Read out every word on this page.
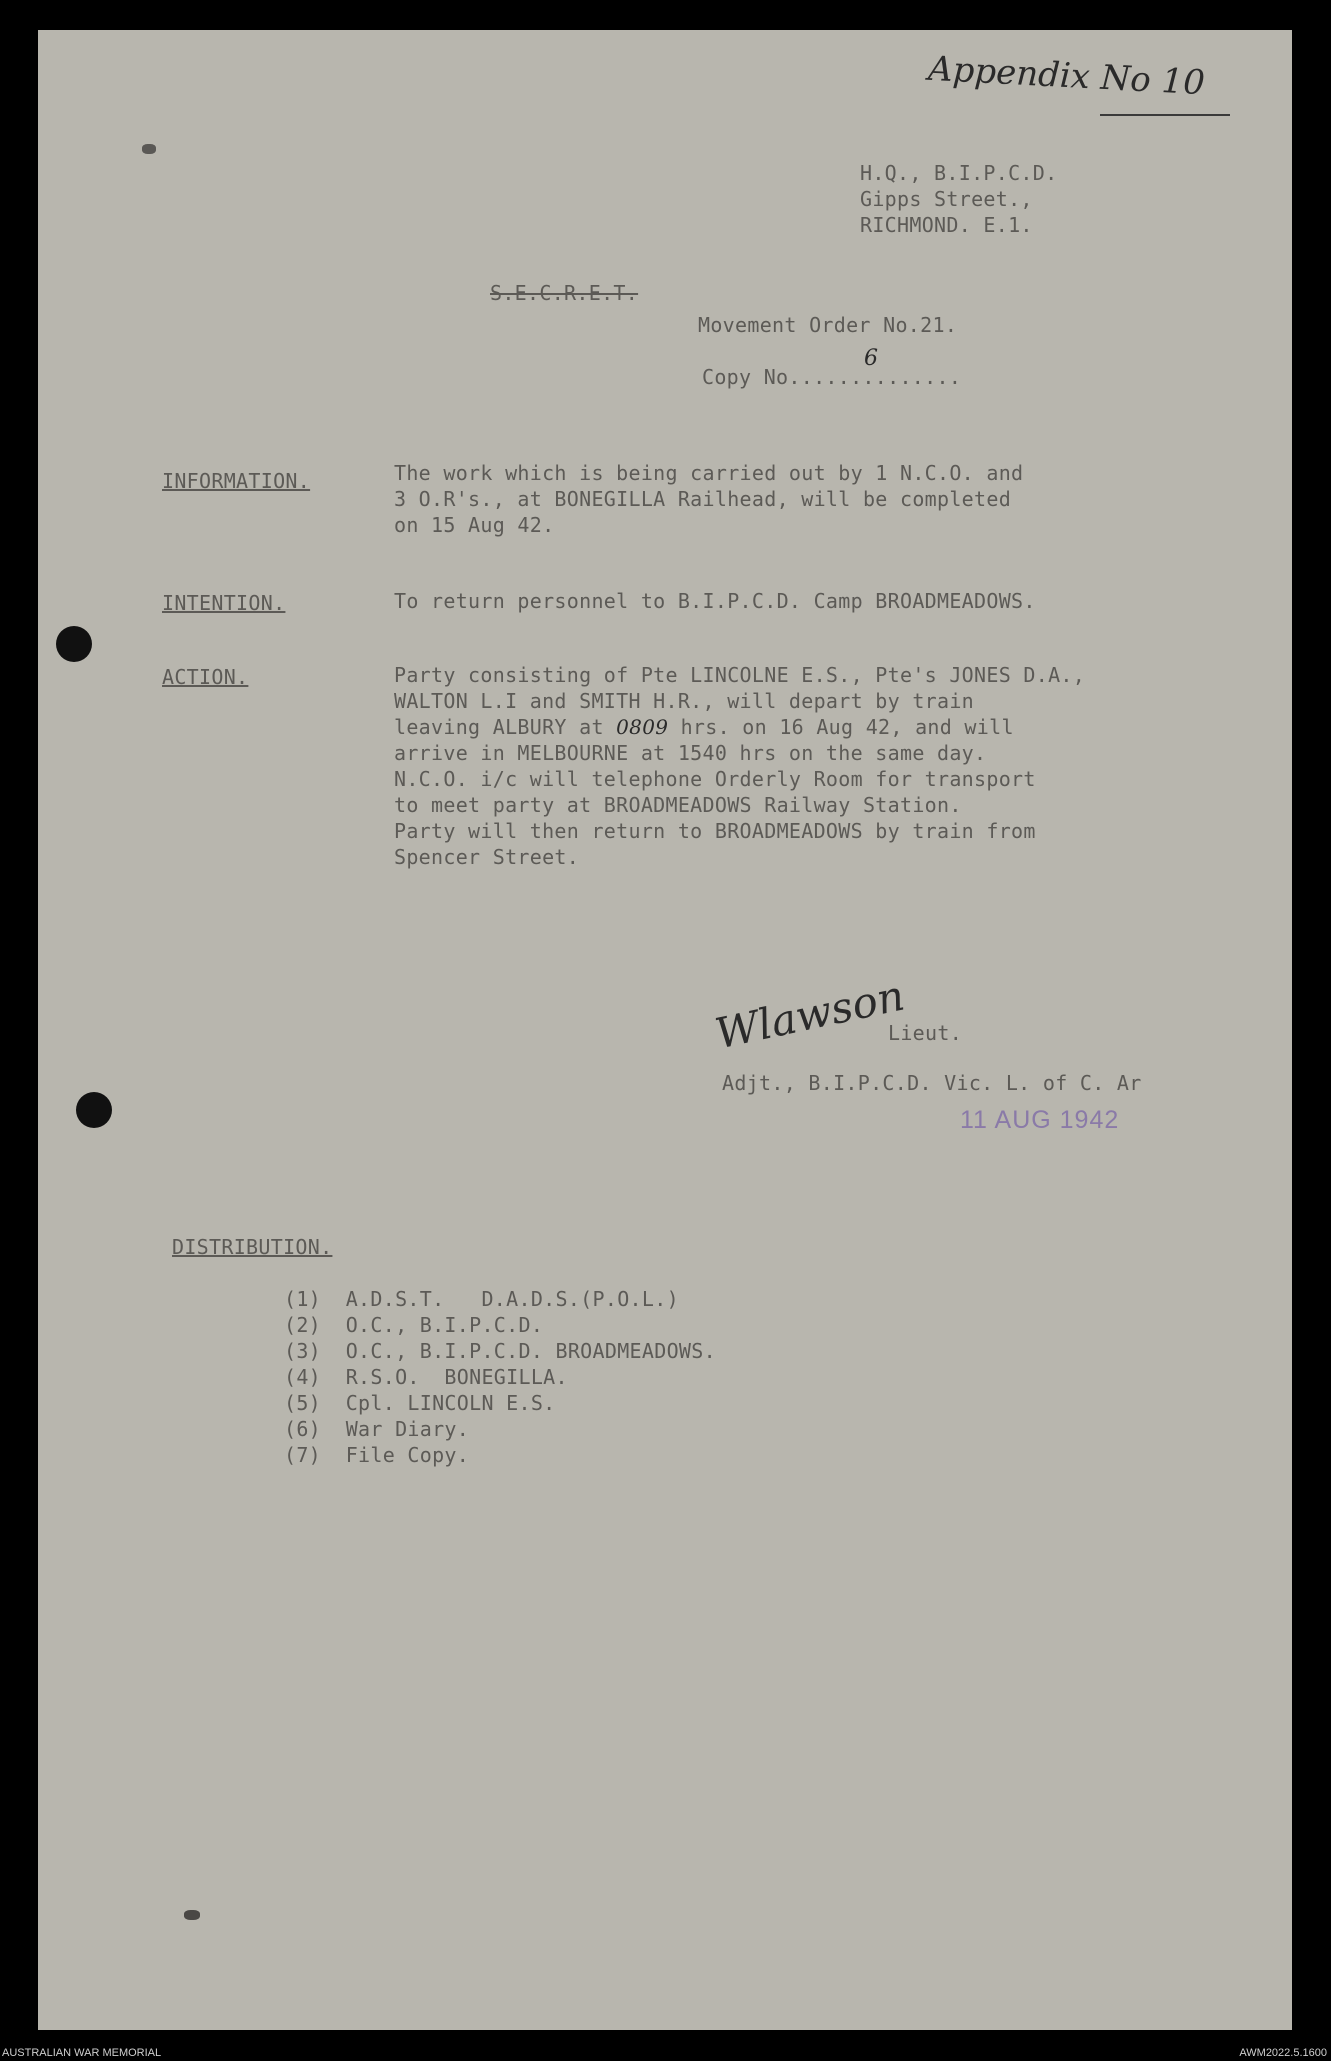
Appendix No 10
H.Q., B.I.P.C.D.
Gipps Street.,
RICHMOND. E.1.
S.E.C.R.E.T.
Movement Order No.21.
Copy No..............
6
INFORMATION.	The work which is being carried out by 1 N.C.O. and
3 O.R's., at BONEGILLA Railhead, will be completed
on 15 Aug 42.
INTENTION.	To return personnel to B.I.P.C.D. Camp BROADMEADOWS.
ACTION.	Party consisting of Pte LINCOLNE E.S., Pte's JONES D.A.,
WALTON L.I and SMITH H.R., will depart by train
leaving ALBURY at 0809 hrs. on 16 Aug 42, and will
arrive in MELBOURNE at 1540 hrs on the same day.
N.C.O. i/c will telephone Orderly Room for transport
to meet party at BROADMEADOWS Railway Station.
Party will then return to BROADMEADOWS by train from
Spencer Street.
Wlawson
Lieut.
Adjt., B.I.P.C.D. Vic. L. of C. Ar
11 AUG 1942
DISTRIBUTION.
(1)  A.D.S.T.   D.A.D.S.(P.O.L.)
(2)  O.C., B.I.P.C.D.
(3)  O.C., B.I.P.C.D. BROADMEADOWS.
(4)  R.S.O.  BONEGILLA.
(5)  Cpl. LINCOLN E.S.
(6)  War Diary.
(7)  File Copy.
AUSTRALIAN WAR MEMORIAL	AWM2022.5.1600
